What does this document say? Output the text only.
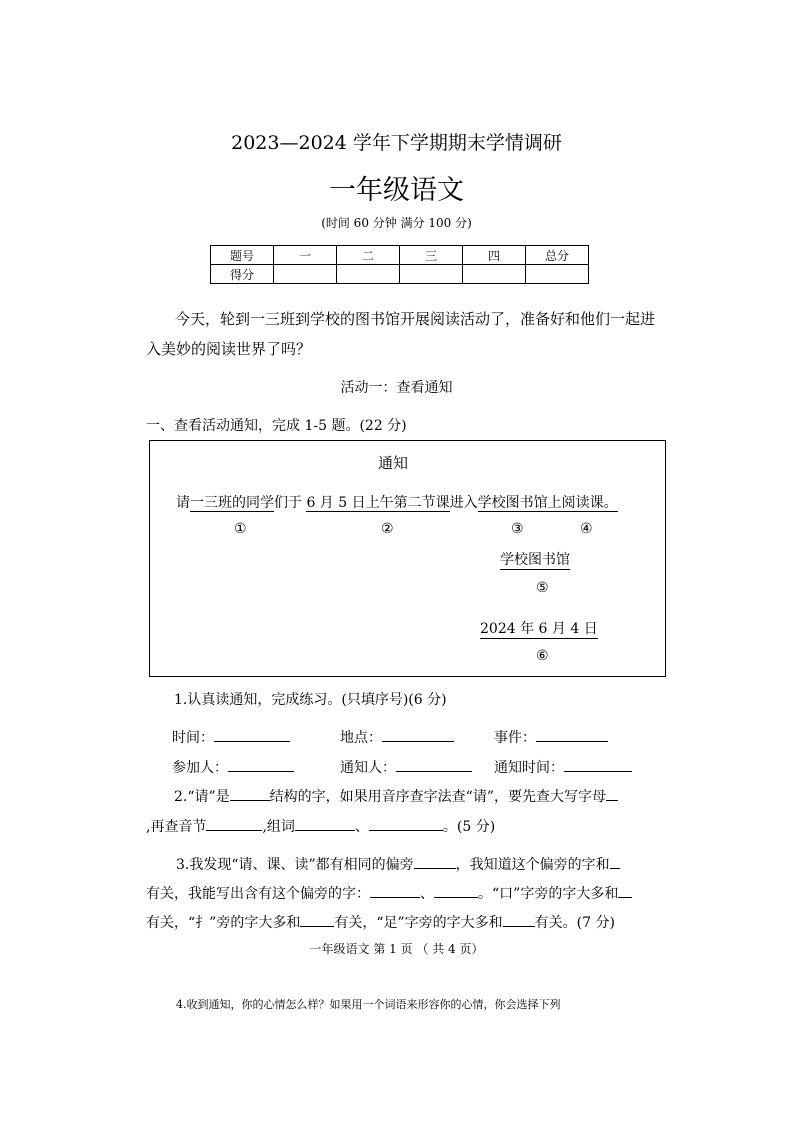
2023—2024 学年下学期期末学情调研
一年级语文
(时间 60 分钟 满分 100 分)
题号	一	二	三	四	总分
得分					
今天，轮到一三班到学校的图书馆开展阅读活动了，准备好和他们一起进
入美妙的阅读世界了吗？
活动一：查看通知
一、查看活动通知，完成 1-5 题。(22 分)
通知
请一三班的同学们于 6 月 5 日上午第二节课进入学校图书馆上阅读课。
①	②	③	④
学校图书馆
⑤
2024 年 6 月 4 日
⑥
1.认真读通知，完成练习。(只填序号)(6 分)
时间：	地点：	事件：
参加人：	通知人：	通知时间：
2.“请”是	结构的字，如果用音序查字法查“请”，要先查大写字母
,再查音节	,组词	、	。(5 分)
3.我发现“请、课、读”都有相同的偏旁	，我知道这个偏旁的字和
有关，我能写出含有这个偏旁的字：	、	。“口”字旁的字大多和
有关，“扌”旁的字大多和 有关，“足”字旁的字大多和 有关。(7 分)
一年级语文 第 1 页 （ 共 4 页）
4.收到通知，你的心情怎么样？如果用一个词语来形容你的心情，你会选择下列
